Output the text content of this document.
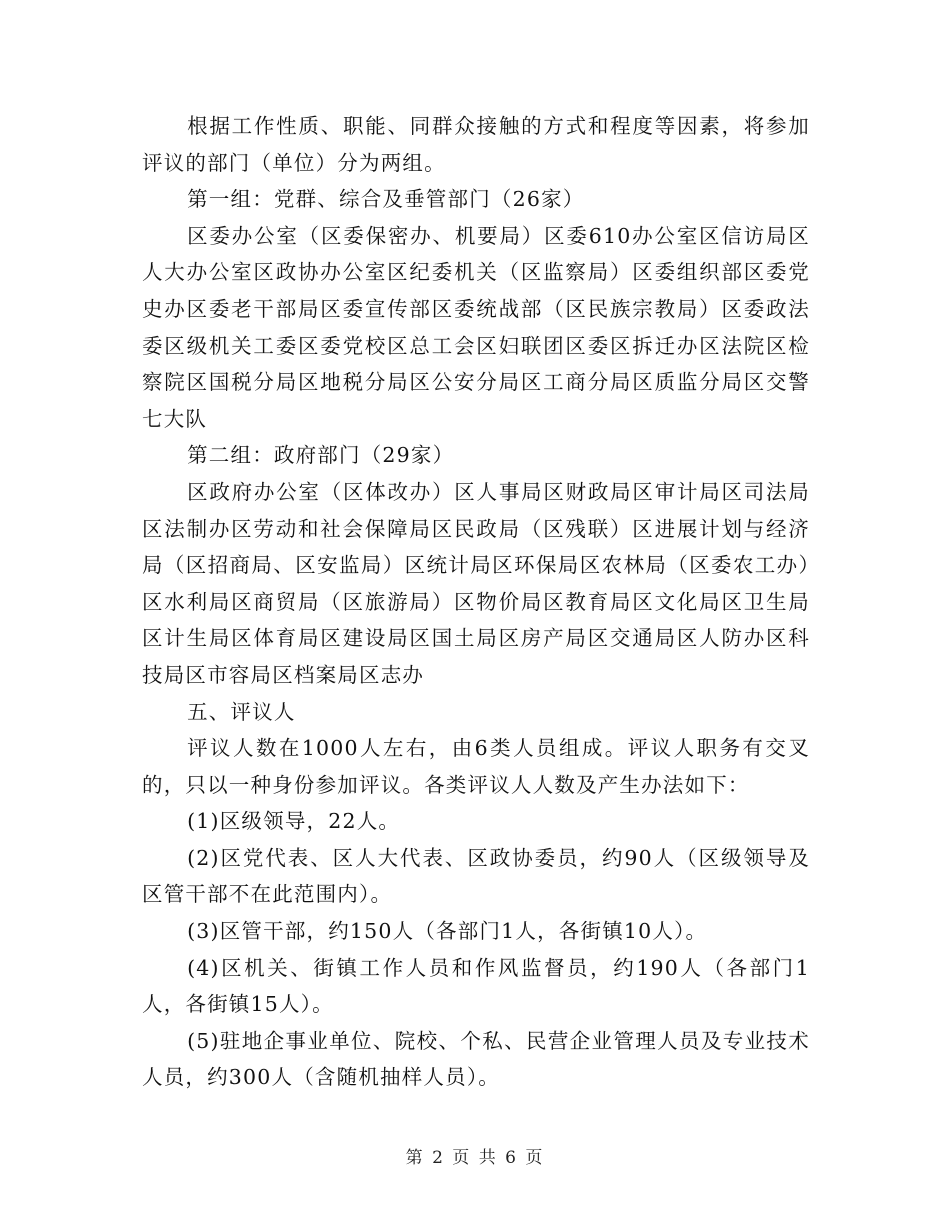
根据工作性质、职能、同群众接触的方式和程度等因素，将参加评议的部门（单位）分为两组。

第一组：党群、综合及垂管部门（26家）

区委办公室（区委保密办、机要局）区委610办公室区信访局区人大办公室区政协办公室区纪委机关（区监察局）区委组织部区委党史办区委老干部局区委宣传部区委统战部（区民族宗教局）区委政法委区级机关工委区委党校区总工会区妇联团区委区拆迁办区法院区检察院区国税分局区地税分局区公安分局区工商分局区质监分局区交警七大队

第二组：政府部门（29家）

区政府办公室（区体改办）区人事局区财政局区审计局区司法局区法制办区劳动和社会保障局区民政局（区残联）区进展计划与经济局（区招商局、区安监局）区统计局区环保局区农林局（区委农工办）区水利局区商贸局（区旅游局）区物价局区教育局区文化局区卫生局区计生局区体育局区建设局区国土局区房产局区交通局区人防办区科技局区市容局区档案局区志办

五、评议人

评议人数在1000人左右，由6类人员组成。评议人职务有交叉的，只以一种身份参加评议。各类评议人人数及产生办法如下：

(1)区级领导，22人。

(2)区党代表、区人大代表、区政协委员，约90人（区级领导及区管干部不在此范围内）。

(3)区管干部，约150人（各部门1人，各街镇10人）。

(4)区机关、街镇工作人员和作风监督员，约190人（各部门1人，各街镇15人）。

(5)驻地企事业单位、院校、个私、民营企业管理人员及专业技术人员，约300人（含随机抽样人员）。

第 2 页 共 6 页
